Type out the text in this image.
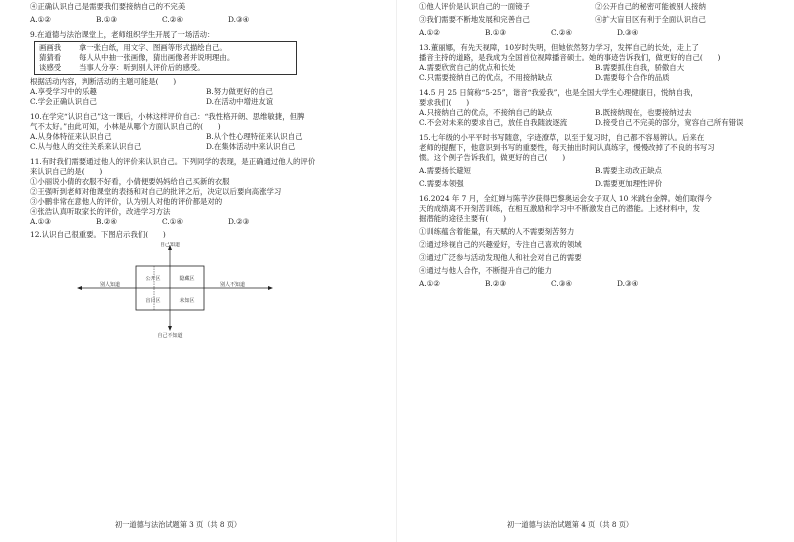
④正确认识自己是需要我们要接纳自己的不完美
A.①②	B.①③	C.②④	D.③④
9.在道德与法治课堂上，老师组织学生开展了一场活动：
画画我	拿一张白纸，用文字、图画等形式描绘自己。
猜猜看	每人从中抽一张画像，猜出画像者并说明理由。
谈感受	当事人分享：听到别人评价后的感受。
根据活动内容，判断活动的主题可能是(　　)
A.享受学习中的乐趣	B.努力做更好的自己
C.学会正确认识自己	D.在活动中增进友谊
10.在学完“认识自己”这一课后，小林这样评价自己：“我性格开朗、思维敏捷，但脾
气不太好。”由此可知，小林是从哪个方面认识自己的(　　)
A.从身体特征来认识自己	B.从个性心理特征来认识自己
C.从与他人的交往关系来认识自己	D.在集体活动中来认识自己
11.有时我们需要通过他人的评价来认识自己。下列同学的表现，是正确通过他人的评价
来认识自己的是(　　)
①小丽说小倩的衣服不好看，小倩便要妈妈给自己买新的衣服
②王强听到老师对他课堂的表扬和对自己的批评之后，决定以后要向高涨学习
③小鹏非常在意他人的评价，认为别人对他的评价都是对的
④张浩认真听取家长的评价，改进学习方法
A.①③	B.②④	C.①④	D.②③
12.认识自己很重要。下图启示我们(　　)
自己知道
自己不知道
别人知道	别人不知道
公开区
盲目区
隐藏区
未知区
初一道德与法治试题第 3 页（共 8 页）
①他人评价是认识自己的一面镜子	②公开自己的秘密可能被别人接纳
③我们需要不断地发展和完善自己	④扩大盲目区有利于全面认识自己
A.①②	B.①③	C.②④	D.③④
13.董丽娜，有先天视障，10岁时失明，但她依然努力学习，发挥自己的长处，走上了
播音主持的道路，是我成为全国首位视障播音硕士。她的事迹告诉我们，做更好的自己(　　)
A.需要欣赏自己的优点和长处	B.需要抓住自我，骄傲自大
C.只需要接纳自己的优点，不用接纳缺点	D.需要每个合作的品质
14.5 月 25 日简称“5·25”，谐音“我爱我”，也是全国大学生心理健康日，悦纳自我，
要求我们(　　)
A.只接纳自己的优点，不接纳自己的缺点	B.既接纳现在，也要接纳过去
C.不会对未来的要求自己，放任自我随波逐流	D.接受自己不完美的部分，宽容自己所有错误
15.七年级的小平平时书写随意，字迹潦草，以至于复习时，自己都不容易辨认。后来在
老师的提醒下，他意识到书写的重要性，每天抽出时间认真练字，慢慢改掉了不良的书写习
惯。这个例子告诉我们，做更好的自己(　　)
A.需要扬长避短	B.需要主动改正缺点
C.需要本领强	D.需要更加理性评价
16.2024 年 7 月，全红婵与陈芋汐获得巴黎奥运会女子双人 10 米跳台金牌。她们取得今
天的成绩离不开刻苦训练，在相互激励和学习中不断激发自己的潜能。上述材料中，发
掘潜能的途径主要有(　　)
①训练蕴含着能量，有天赋的人不需要刻苦努力
②通过珍视自己的兴趣爱好，专注自己喜欢的领域
③通过广泛参与活动发现他人和社会对自己的需要
④通过与他人合作，不断提升自己的能力
A.①②	B.②③	C.③④	D.③④
初一道德与法治试题第 4 页（共 8 页）
